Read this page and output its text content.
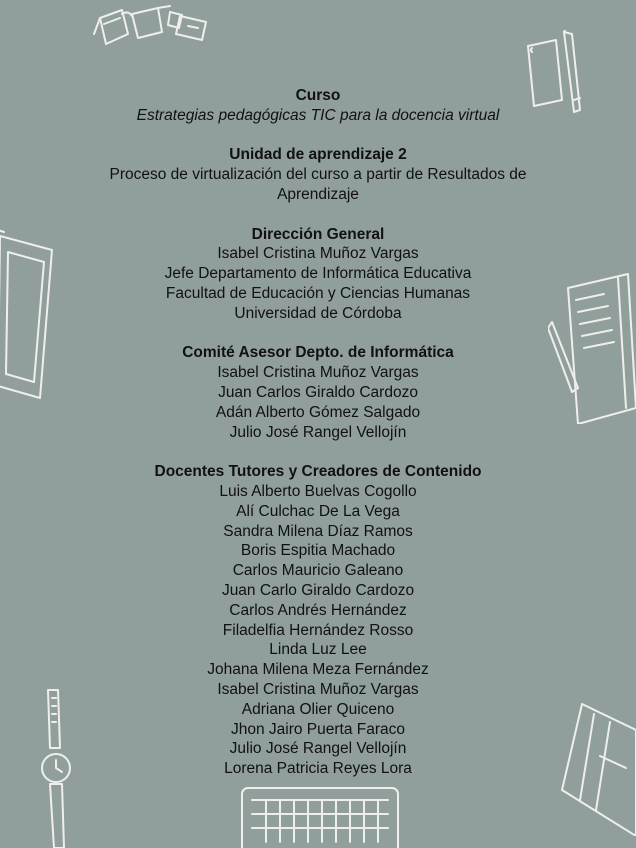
Curso
Estrategias pedagógicas TIC para la docencia virtual
Unidad de aprendizaje 2
Proceso de virtualización del curso a partir de Resultados de
Aprendizaje
Dirección General
Isabel Cristina Muñoz Vargas
Jefe Departamento de Informática Educativa
Facultad de Educación y Ciencias Humanas
Universidad de Córdoba
Comité Asesor Depto. de Informática
Isabel Cristina Muñoz Vargas
Juan Carlos Giraldo Cardozo
Adán Alberto Gómez Salgado
Julio José Rangel Vellojín
Docentes Tutores y Creadores de Contenido
Luis Alberto Buelvas Cogollo
Alí Culchac De La Vega
Sandra Milena Díaz Ramos
Boris Espitia Machado
Carlos Mauricio Galeano
Juan Carlo Giraldo Cardozo
Carlos Andrés Hernández
Filadelfia Hernández Rosso
Linda Luz Lee
Johana Milena Meza Fernández
Isabel Cristina Muñoz Vargas
Adriana Olier Quiceno
Jhon Jairo Puerta Faraco
Julio José Rangel Vellojín
Lorena Patricia Reyes Lora
